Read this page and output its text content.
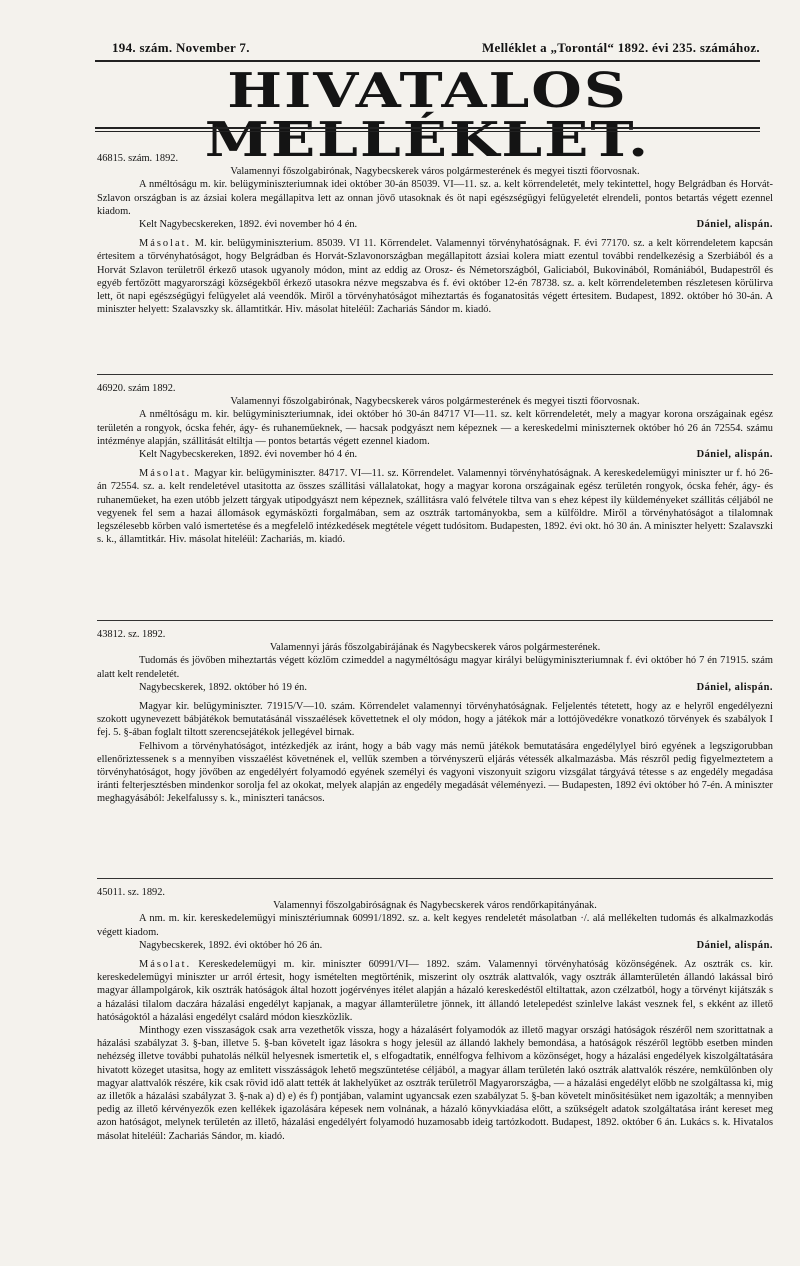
194. szám. November 7.	Melléklet a „Torontál“ 1892. évi 235. számához.
HIVATALOS MELLÉKLET.

46815. szám. 1892.

Valamennyi főszolgabirónak, Nagybecskerek város polgármesterének és megyei tiszti főorvosnak.

A nméltóságu m. kir. belügyminiszteriumnak idei október 30-án 85039. VI—11. sz. a. kelt körrendeletét, mely tekintettel, hogy Belgrádban és Horvát-Szlavon országban is az ázsiai kolera megállapitva lett az onnan jövő utasoknak és öt napi egészségügyi felügyeletét elrendeli, pontos betartás végett ezennel kiadom.

Kelt Nagybecskereken, 1892. évi november hó 4 én.	Dániel, alispán.

Másolat. M. kir. belügyminiszterium. 85039. VI 11. Körrendelet. Valamennyi törvényhatóságnak. F. évi 77170. sz. a kelt körrendeletem kapcsán értesitem a törvényhatóságot, hogy Belgrádban és Horvát-Szlavonországban megállapitott ázsiai kolera miatt ezentul további rendelkezésig a Szerbiából és a Horvát Szlavon területről érkező utasok ugyanoly módon, mint az eddig az Orosz- és Németországból, Galiciaból, Bukovinából, Romániából, Budapestről és egyéb fertőzött magyarországi községekből érkező utasokra nézve megszabva és f. évi október 12-én 78738. sz. a. kelt körrendeletemben részletesen körülirva lett, öt napi egészségügyi felügyelet alá veendők. Miről a törvényhatóságot miheztartás és foganatositás végett értesitem. Budapest, 1892. október hó 30-án. A miniszter helyett: Szalavszky sk. államtitkár. Hiv. másolat hiteléül: Zachariás Sándor m. kiadó.

46920. szám 1892.

Valamennyi főszolgabirónak, Nagybecskerek város polgármesterének és megyei tiszti főorvosnak.

A nméltóságu m. kir. belügyminiszteriumnak, idei október hó 30-án 84717 VI—11. sz. kelt körrendeletét, mely a magyar korona országainak egész területén a rongyok, ócska fehér, ágy- és ruhaneműeknek, — hacsak podgyászt nem képeznek — a kereskedelmi miniszternek október hó 26 án 72554. számu intézménye alapján, szállitását eltiltja — pontos betartás végett ezennel kiadom.

Kelt Nagybecskereken, 1892. évi november hó 4 én.	Dániel, alispán.

Másolat. Magyar kir. belügyminiszter. 84717. VI—11. sz. Körrendelet. Valamennyi törvényhatóságnak. A kereskedelemügyi miniszter ur f. hó 26-án 72554. sz. a. kelt rendeletével utasitotta az összes szállitási vállalatokat, hogy a magyar korona országainak egész területén rongyok, ócska fehér, ágy- és ruhaneműeket, ha ezen utóbb jelzett tárgyak utipodgyászt nem képeznek, szállitásra való felvétele tiltva van s ehez képest ily küldeményeket szállitás céljából ne vegyenek fel sem a hazai állomások egymásközti forgalmában, sem az osztrák tartományokba, sem a külföldre. Miről a törvényhatóságot a tilalomnak legszélesebb körben való ismertetése és a megfelelő intézkedések megtétele végett tudósitom. Budapesten, 1892. évi okt. hó 30 án. A miniszter helyett: Szalavszki s. k., államtitkár. Hiv. másolat hiteléül: Zachariás, m. kiadó.

43812. sz. 1892.

Valamennyi járás főszolgabirájának és Nagybecskerek város polgármesterének.

Tudomás és jövőben miheztartás végett közlöm czimeddel a nagyméltóságu magyar királyi belügyminiszteriumnak f. évi október hó 7 én 71915. szám alatt kelt rendeletét.

Nagybecskerek, 1892. október hó 19 én.	Dániel, alispán.

Magyar kir. belügyminiszter. 71915/V—10. szám. Körrendelet valamennyi törvényhatóságnak. Feljelentés tétetett, hogy az e helyről engedélyezni szokott ugynevezett bábjátékok bemutatásánál visszaélések követtetnek el oly módon, hogy a játékok már a lottójövedékre vonatkozó törvények és szabályok I fej. 5. §-ában foglalt tiltott szerencsejátékok jellegével birnak.

Felhivom a törvényhatóságot, intézkedjék az iránt, hogy a báb vagy más nemü játékok bemutatására engedélylyel biró egyének a legszigorubban ellenőriztessenek s a mennyiben visszaélést követnének el, vellük szemben a törvényszerü eljárás vétessék alkalmazásba. Más részről pedig figyelmeztetem a törvényhatóságot, hogy jövőben az engedélyért folyamodó egyének személyi és vagyoni viszonyuit szigoru vizsgálat tárgyává tétesse s az engedély megadása iránti felterjesztésben mindenkor sorolja fel az okokat, melyek alapján az engedély megadását véleményezi. — Budapesten, 1892 évi október hó 7-én. A miniszter meghagyásából: Jekelfalussy s. k., miniszteri tanácsos.

45011. sz. 1892.

Valamennyi főszolgabiróságnak és Nagybecskerek város rendőrkapitányának.

A nm. m. kir. kereskedelemügyi minisztériumnak 60991/1892. sz. a. kelt kegyes rendeletét másolatban ·/. alá mellékelten tudomás és alkalmazkodás végett kiadom.

Nagybecskerek, 1892. évi október hó 26 án.	Dániel, alispán.

Másolat. Kereskedelemügyi m. kir. miniszter 60991/VI— 1892. szám. Valamennyi törvényhatóság közönségének. Az osztrák cs. kir. kereskedelemügyi miniszter ur arról értesit, hogy ismételten megtörténik, miszerint oly osztrák alattvalók, vagy osztrák államterületén állandó lakással biró magyar állampolgárok, kik osztrák hatóságok által hozott jogérvényes itélet alapján a házaló kereskedéstől eltiltattak, azon czélzatból, hogy a törvényt kijátszák s a házalási tilalom daczára házalási engedélyt kapjanak, a magyar államterületre jönnek, itt állandó letelepedést szinlelve lakást vesznek fel, s ekként az illető hatóságoktól a házalási engedélyt csalárd módon kieszközlik.

Minthogy ezen visszaságok csak arra vezethetők vissza, hogy a házalásért folyamodók az illető magyar országi hatóságok részéről nem szorittatnak a házalási szabályzat 3. §-ban, illetve 5. §-ban követelt igaz lásokra s hogy jelesül az állandó lakhely bemondása, a hatóságok részéről legtöbb esetben minden nehézség illetve további puhatolás nélkül helyesnek ismertetik el, s elfogadtatik, ennélfogva felhivom a közönséget, hogy a házalási engedélyek kiszolgáltatására hivatott közeget utasitsa, hogy az emlitett visszásságok lehető megszüntetése céljából, a magyar állam területén lakó osztrák alattvalók részére, nemkülönben oly magyar alattvalók részére, kik csak rövid idő alatt tették át lakhelyüket az osztrák területről Magyarországba, — a házalási engedélyt előbb ne szolgáltassa ki, mig az illetők a házalási szabályzat 3. §-nak a) d) e) és f) pontjában, valamint ugyancsak ezen szabályzat 5. §-ban követelt minősitésüket nem igazolták; a mennyiben pedig az illető kérvényezők ezen kellékek igazolására képesek nem volnának, a házaló könyvkiadása előtt, a szükségelt adatok szolgáltatása iránt kereset meg azon hatóságot, melynek területén az illető, házalási engedélyért folyamodó huzamosabb ideig tartózkodott. Budapest, 1892. október 6 án. Lukács s. k. Hivatalos másolat hiteléül: Zachariás Sándor, m. kiadó.
